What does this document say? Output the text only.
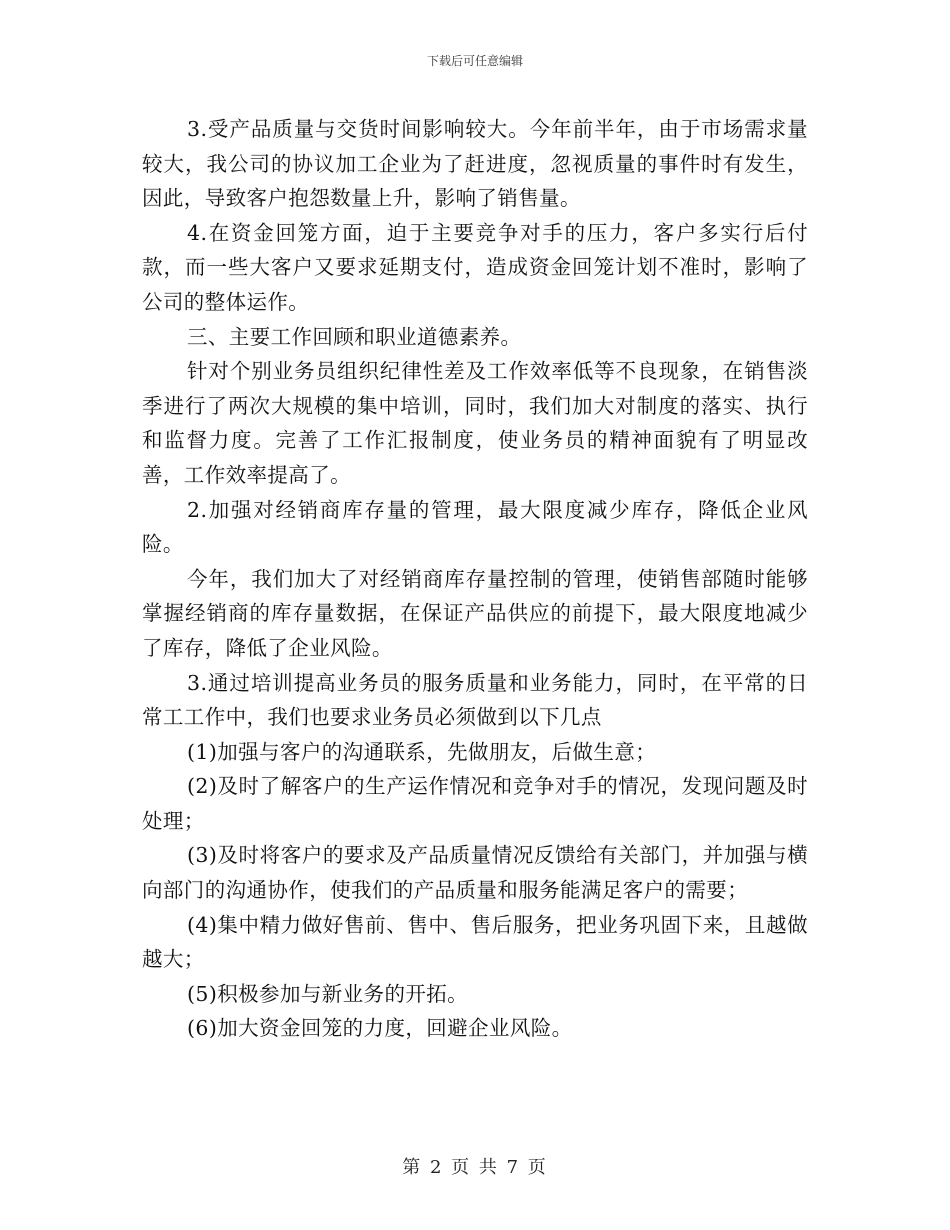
下载后可任意编辑

3.受产品质量与交货时间影响较大。今年前半年，由于市场需求量较大，我公司的协议加工企业为了赶进度，忽视质量的事件时有发生，因此，导致客户抱怨数量上升，影响了销售量。

4.在资金回笼方面，迫于主要竞争对手的压力，客户多实行后付款，而一些大客户又要求延期支付，造成资金回笼计划不准时，影响了公司的整体运作。

三、主要工作回顾和职业道德素养。

针对个别业务员组织纪律性差及工作效率低等不良现象，在销售淡季进行了两次大规模的集中培训，同时，我们加大对制度的落实、执行和监督力度。完善了工作汇报制度，使业务员的精神面貌有了明显改善，工作效率提高了。

2.加强对经销商库存量的管理，最大限度减少库存，降低企业风险。

今年，我们加大了对经销商库存量控制的管理，使销售部随时能够掌握经销商的库存量数据，在保证产品供应的前提下，最大限度地减少了库存，降低了企业风险。

3.通过培训提高业务员的服务质量和业务能力，同时，在平常的日常工工作中，我们也要求业务员必须做到以下几点

(1)加强与客户的沟通联系，先做朋友，后做生意；

(2)及时了解客户的生产运作情况和竞争对手的情况，发现问题及时处理；

(3)及时将客户的要求及产品质量情况反馈给有关部门，并加强与横向部门的沟通协作，使我们的产品质量和服务能满足客户的需要；

(4)集中精力做好售前、售中、售后服务，把业务巩固下来，且越做越大；

(5)积极参加与新业务的开拓。

(6)加大资金回笼的力度，回避企业风险。

第 2 页 共 7 页
